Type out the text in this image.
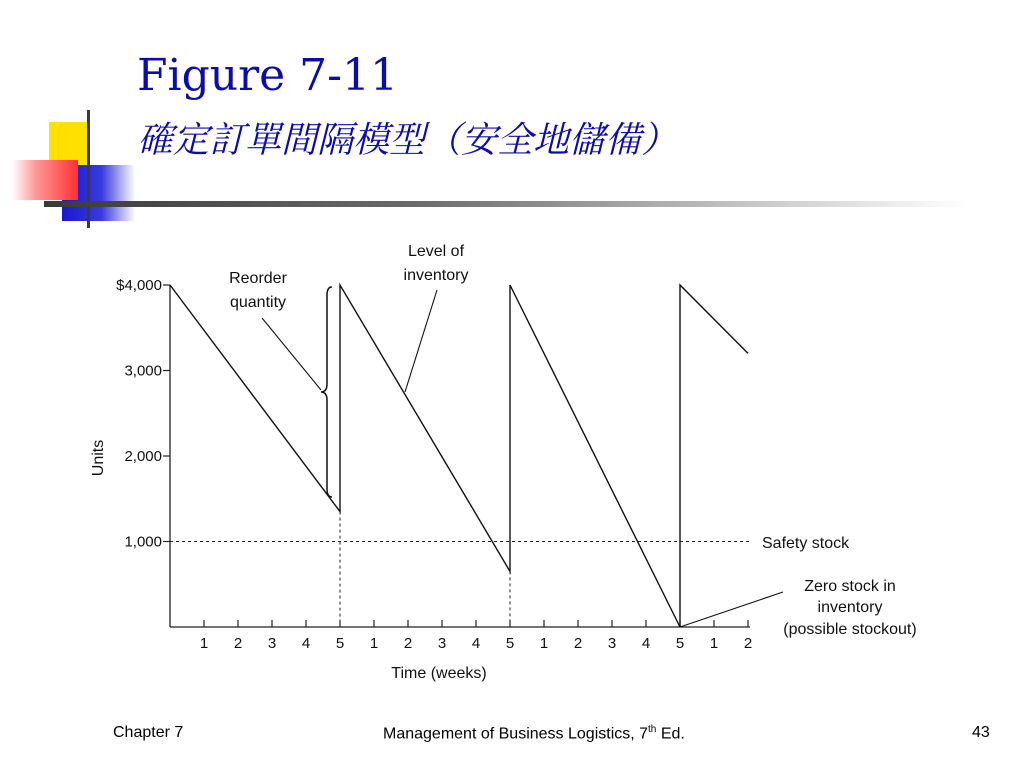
Figure 7-11
確定訂單間隔模型（安全地儲備）
1,000
2,000
3,000
$4,000
1 2 3 4 5 1 2 3 4 5 1 2 3 4 5 1 2
Time (weeks)
Units
Reorder
quantity
Level of
inventory
Safety stock
Zero stock in
inventory
(possible stockout)
Chapter 7	Management of Business Logistics, 7th Ed.	43
